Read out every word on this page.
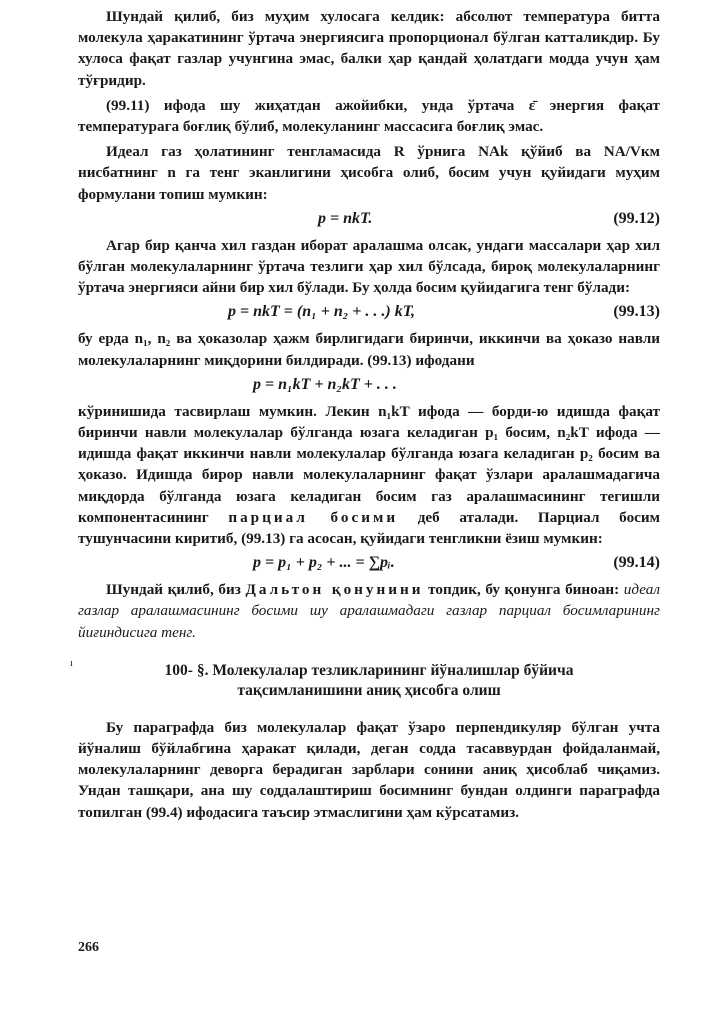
Шундай қилиб, биз муҳим хулосага келдик: абсолют температура битта молекула ҳаракатининг ўртача энергиясига пропорционал бўлган катталикдир. Бу хулоса фақат газлар учунгина эмас, балки ҳар қандай ҳолатдаги модда учун ҳам тўғридир.

(99.11) ифода шу жиҳатдан ажойибки, унда ўртача ε̄ энергия фақат температурага боғлиқ бўлиб, молекуланинг массасига боғлиқ эмас.

Идеал газ ҳолатининг тенгламасида R ўрнига NAk қўйиб ва NA/Vкм нисбатнинг n га тенг эканлигини ҳисобга олиб, босим учун қуйидаги муҳим формулани топиш мумкин:

p = nkT.	(99.12)

Агар бир қанча хил газдан иборат аралашма олсак, ундаги массалари ҳар хил бўлган молекулаларнинг ўртача тезлиги ҳар хил бўлсада, бироқ молекулаларнинг ўртача энергияси айни бир хил бўлади. Бу ҳолда босим қуйидагига тенг бўлади:

p = nkT = (n₁ + n₂ + . . .) kT,	(99.13)

бу ерда n₁, n₂ ва ҳоказолар ҳажм бирлигидаги биринчи, иккинчи ва ҳоказо навли молекулаларнинг миқдорини билдиради. (99.13) ифодани

p = n₁kT + n₂kT + . . .

кўринишида тасвирлаш мумкин. Лекин n₁kT ифода — борди-ю идишда фақат биринчи навли молекулалар бўлганда юзага келадиган p₁ босим, n₂kT ифода — идишда фақат иккинчи навли молекулалар бўлганда юзага келадиган p₂ босим ва ҳоказо. Идишда бирор навли молекулаларнинг фақат ўзлари аралашмадагича миқдорда бўлганда юзага келадиган босим газ аралашмасининг тегишли компонентасининг парциал босими деб аталади. Парциал босим тушунчасини киритиб, (99.13) га асосан, қуйидаги тенгликни ёзиш мумкин:

p = p₁ + p₂ + ... = ∑pᵢ.	(99.14)

Шундай қилиб, биз Дальтон қонунини топдик, бу қонунга биноан: идеал газлар аралашмасининг босими шу аралашмадаги газлар парциал босимларининг йиғиндисига тенг.

100- §. Молекулалар тезликларининг йўналишлар бўйича
тақсимланишини аниқ ҳисобга олиш

Бу параграфда биз молекулалар фақат ўзаро перпендикуляр бўлган учта йўналиш бўйлабгина ҳаракат қилади, деган содда тасаввурдан фойдаланмай, молекулаларнинг деворга берадиган зарблари сонини аниқ ҳисоблаб чиқамиз. Ундан ташқари, ана шу соддалаштириш босимнинг бундан олдинги параграфда топилган (99.4) ифодасига таъсир этмаслигини ҳам кўрсатамиз.

ı
266
